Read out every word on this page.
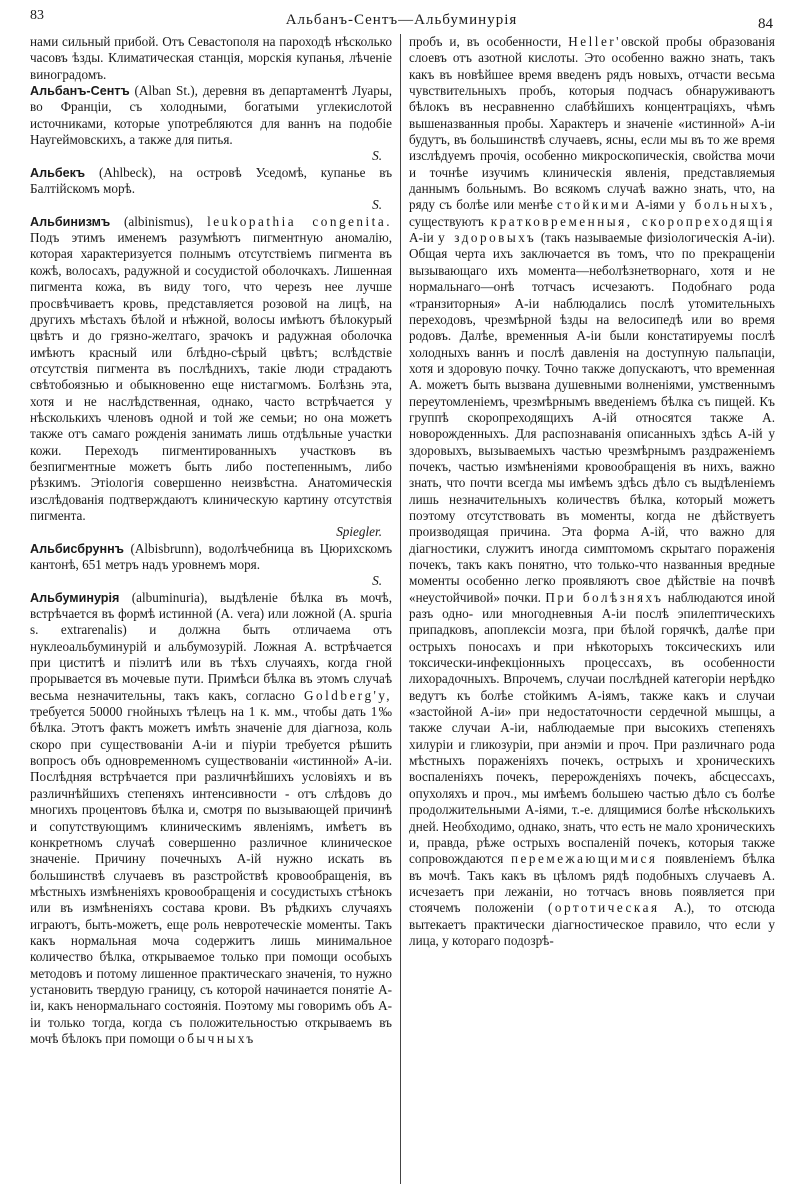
83	Альбанъ-Сентъ—Альбуминурія	84

нами сильный прибой. Отъ Севастополя на пароходѣ нѣсколько часовъ ѣзды. Климатическая станція, морскія купанья, лѣченіе виноградомъ.

Альбанъ-Сентъ (Alban St.), деревня въ департаментѣ Луары, во Франціи, съ холодными, богатыми углекислотой источниками, которые употребляются для ваннъ на подобіе Наугеймовскихъ, а также для питья.
S.

Альбекъ (Ahlbeck), на островѣ Уседомѣ, купанье въ Балтійскомъ морѣ.
S.

Альбинизмъ (albinismus), leukopathia congenita. Подъ этимъ именемъ разумѣютъ пигментную аномалію, которая характеризуется полнымъ отсутствіемъ пигмента въ кожѣ, волосахъ, радужной и сосудистой оболочкахъ. Лишенная пигмента кожа, въ виду того, что черезъ нее лучше просвѣчиваетъ кровь, представляется розовой на лицѣ, на другихъ мѣстахъ бѣлой и нѣжной, волосы имѣютъ бѣлокурый цвѣтъ и до грязно-желтаго, зрачокъ и радужная оболочка имѣютъ красный или блѣдно-сѣрый цвѣтъ; вслѣдствіе отсутствія пигмента въ послѣднихъ, такіе люди страдаютъ свѣтобоязнью и обыкновенно еще нистагмомъ. Болѣзнь эта, хотя и не наслѣдственная, однако, часто встрѣчается у нѣсколькихъ членовъ одной и той же семьи; но она можетъ также отъ самаго рожденія занимать лишь отдѣльные участки кожи. Переходъ пигментированныхъ участковъ въ безпигментные можетъ быть либо постепеннымъ, либо рѣзкимъ. Этіологія совершенно неизвѣстна. Анатомическія изслѣдованія подтверждаютъ клиническую картину отсутствія пигмента.
Spiegler.

Альбисбруннъ (Albisbrunn), водолѣчебница въ Цюрихскомъ кантонѣ, 651 метръ надъ уровнемъ моря.
S.

Альбуминурія (albuminuria), выдѣленіе бѣлка въ мочѣ, встрѣчается въ формѣ истинной (A. vera) или ложной (A. spuria s. extrarenalis) и должна быть отличаема отъ нуклеоальбуминурій и альбумозурій. Ложная А. встрѣчается при циститѣ и піэлитѣ или въ тѣхъ случаяхъ, когда гной прорывается въ мочевые пути. Примѣси бѣлка въ этомъ случаѣ весьма незначительны, такъ какъ, согласно Goldberg'у, требуется 50000 гнойныхъ тѣлецъ на 1 к. мм., чтобы дать 1‰ бѣлка. Этотъ фактъ можетъ имѣть значеніе для діагноза, коль скоро при существованіи А-іи и піуріи требуется рѣшить вопросъ объ одновременномъ существованіи «истинной» А-іи. Послѣдняя встрѣчается при различнѣйшихъ условіяхъ и въ различнѣйшихъ степеняхъ интенсивности - отъ слѣдовъ до многихъ процентовъ бѣлка и, смотря по вызывающей причинѣ и сопутствующимъ клиническимъ явленіямъ, имѣетъ въ конкретномъ случаѣ совершенно различное клиническое значеніе. Причину почечныхъ А-ій нужно искать въ большинствѣ случаевъ въ разстройствѣ кровообращенія, въ мѣстныхъ измѣненіяхъ кровообращенія и сосудистыхъ стѣнокъ или въ измѣненіяхъ состава крови. Въ рѣдкихъ случаяхъ играютъ, быть-можетъ, еще роль невротеческіе моменты. Такъ какъ нормальная моча содержитъ лишь минимальное количество бѣлка, открываемое только при помощи особыхъ методовъ и потому лишенное практическаго значенія, то нужно установить твердую границу, съ которой начинается понятіе А-іи, какъ ненормальнаго состоянія. Поэтому мы говоримъ объ А-іи только тогда, когда съ положительностью открываемъ въ мочѣ бѣлокъ при помощи обычныхъ

пробъ и, въ особенности, Heller'овской пробы образованія слоевъ отъ азотной кислоты. Это особенно важно знать, такъ какъ въ новѣйшее время введенъ рядъ новыхъ, отчасти весьма чувствительныхъ пробъ, которыя подчасъ обнаруживаютъ бѣлокъ въ несравненно слабѣйшихъ концентраціяхъ, чѣмъ вышеназванныя пробы. Характеръ и значеніе «истинной» А-іи будутъ, въ большинствѣ случаевъ, ясны, если мы въ то же время изслѣдуемъ прочія, особенно микроскопическія, свойства мочи и точнѣе изучимъ клиническія явленія, представляемыя даннымъ больнымъ. Во всякомъ случаѣ важно знать, что, на ряду съ болѣе или менѣе стойкими А-іями у больныхъ, существуютъ кратковременныя, скоропреходящія А-іи у здоровыхъ (такъ называемые физіологическія А-іи). Общая черта ихъ заключается въ томъ, что по прекращеніи вызывающаго ихъ момента—неболѣзнетворнаго, хотя и не нормальнаго—онѣ тотчасъ исчезаютъ. Подобнаго рода «транзиторныя» А-іи наблюдались послѣ утомительныхъ переходовъ, чрезмѣрной ѣзды на велосипедѣ или во время родовъ. Далѣе, временныя А-іи были констатируемы послѣ холодныхъ ваннъ и послѣ давленія на доступную пальпаціи, хотя и здоровую почку. Точно также допускаютъ, что временная А. можетъ быть вызвана душевными волненіями, умственнымъ переутомленіемъ, чрезмѣрнымъ введеніемъ бѣлка съ пищей. Къ группѣ скоропреходящихъ А-ій относятся также А. новорожденныхъ. Для распознаванія описанныхъ здѣсь А-ій у здоровыхъ, вызываемыхъ частью чрезмѣрнымъ раздраженіемъ почекъ, частью измѣненіями кровообращенія въ нихъ, важно знать, что почти всегда мы имѣемъ здѣсь дѣло съ выдѣленіемъ лишь незначительныхъ количествъ бѣлка, который можетъ поэтому отсутствовать въ моменты, когда не дѣйствуетъ производящая причина. Эта форма А-ій, что важно для діагностики, служитъ иногда симптомомъ скрытаго пораженія почекъ, такъ какъ понятно, что только-что названныя вредные моменты особенно легко проявляютъ свое дѣйствіе на почвѣ «неустойчивой» почки. При болѣзняхъ наблюдаются иной разъ одно- или многодневныя А-іи послѣ эпилептическихъ припадковъ, апоплексіи мозга, при бѣлой горячкѣ, далѣе при острыхъ поносахъ и при нѣкоторыхъ токсическихъ или токсически-инфекціонныхъ процессахъ, въ особенности лихорадочныхъ. Впрочемъ, случаи послѣдней категоріи нерѣдко ведутъ къ болѣе стойкимъ А-іямъ, также какъ и случаи «застойной А-іи» при недостаточности сердечной мышцы, а также случаи А-іи, наблюдаемые при высокихъ степеняхъ хилуріи и гликозуріи, при анэміи и проч. При различнаго рода мѣстныхъ пораженіяхъ почекъ, острыхъ и хроническихъ воспаленіяхъ почекъ, перерожденіяхъ почекъ, абсцессахъ, опухоляхъ и проч., мы имѣемъ большею частью дѣло съ болѣе продолжительными А-іями, т.-е. длящимися болѣе нѣсколькихъ дней. Необходимо, однако, знать, что есть не мало хроническихъ и, правда, рѣже острыхъ воспаленій почекъ, которыя также сопровождаются перемежающимися появленіемъ бѣлка въ мочѣ. Такъ какъ въ цѣломъ рядѣ подобныхъ случаевъ А. исчезаетъ при лежаніи, но тотчасъ вновь появляется при стоячемъ положеніи (ортотическая А.), то отсюда вытекаетъ практически діагностическое правило, что если у лица, у котораго подозрѣ-
